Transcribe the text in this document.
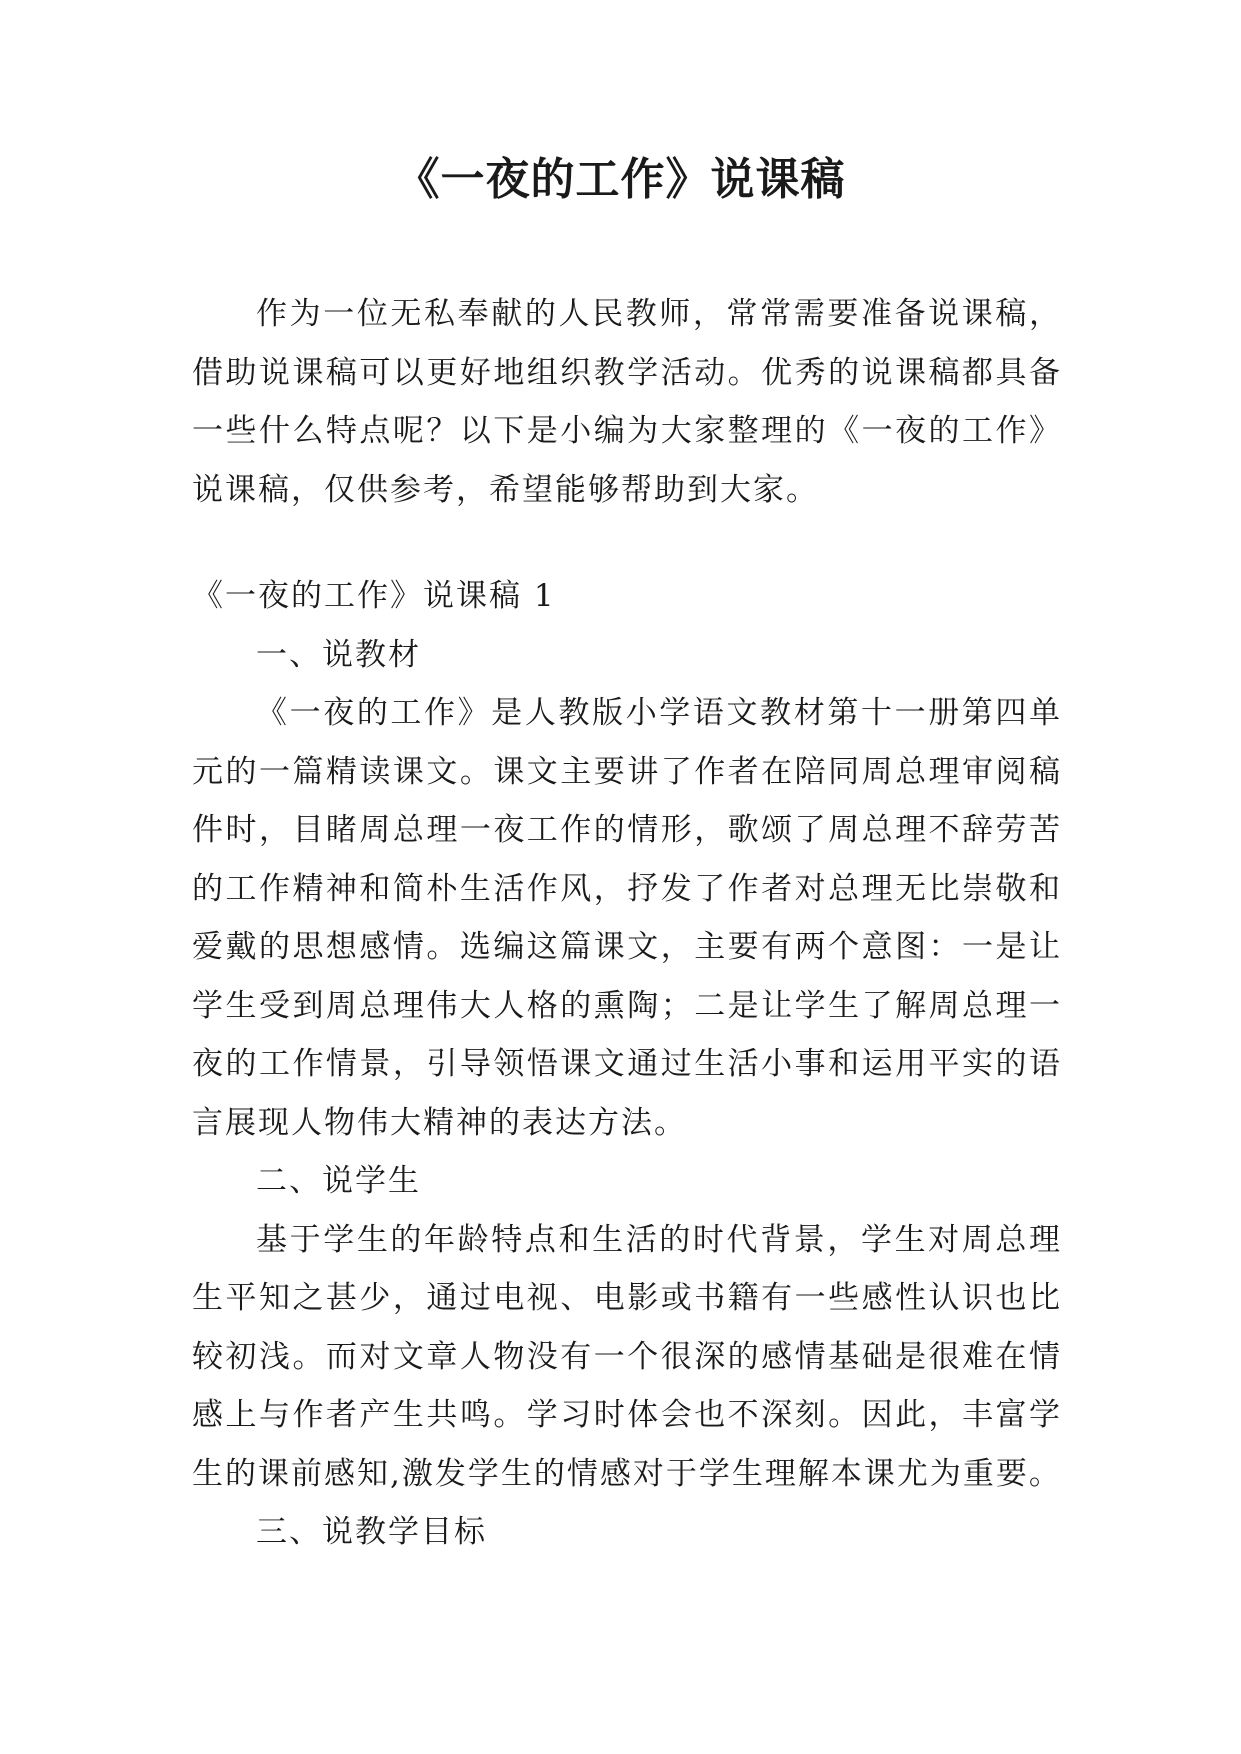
《一夜的工作》说课稿

作为一位无私奉献的人民教师，常常需要准备说课稿，借助说课稿可以更好地组织教学活动。优秀的说课稿都具备一些什么特点呢？以下是小编为大家整理的《一夜的工作》说课稿，仅供参考，希望能够帮助到大家。

《一夜的工作》说课稿 1

一、说教材

《一夜的工作》是人教版小学语文教材第十一册第四单元的一篇精读课文。课文主要讲了作者在陪同周总理审阅稿件时，目睹周总理一夜工作的情形，歌颂了周总理不辞劳苦的工作精神和简朴生活作风，抒发了作者对总理无比崇敬和爱戴的思想感情。选编这篇课文，主要有两个意图：一是让学生受到周总理伟大人格的熏陶；二是让学生了解周总理一夜的工作情景，引导领悟课文通过生活小事和运用平实的语言展现人物伟大精神的表达方法。

二、说学生

基于学生的年龄特点和生活的时代背景，学生对周总理生平知之甚少，通过电视、电影或书籍有一些感性认识也比较初浅。而对文章人物没有一个很深的感情基础是很难在情感上与作者产生共鸣。学习时体会也不深刻。因此，丰富学生的课前感知,激发学生的情感对于学生理解本课尤为重要。

三、说教学目标
